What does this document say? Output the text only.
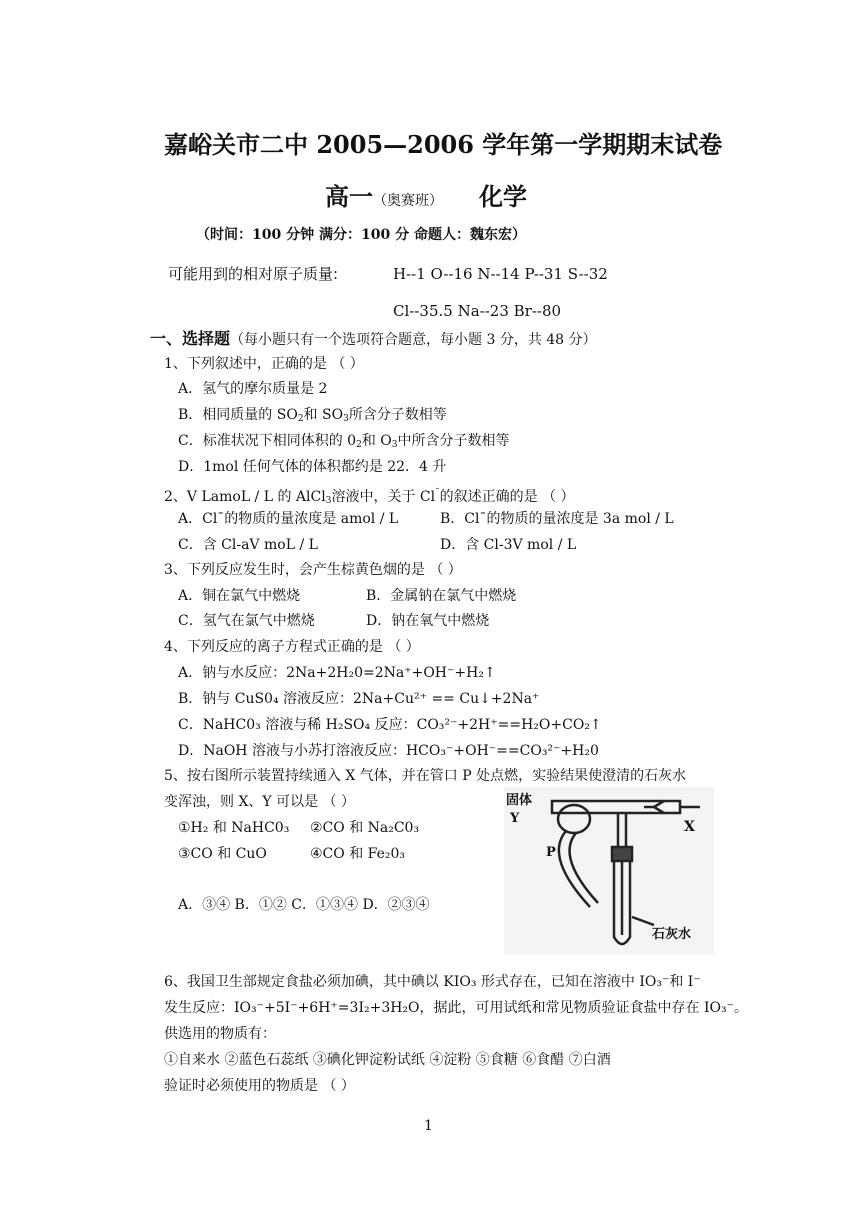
嘉峪关市二中 2005—2006 学年第一学期期末试卷
高一（奥赛班） 化学
（时间：100 分钟 满分：100 分 命题人：魏东宏）
可能用到的相对原子质量:	H--1 O--16 N--14 P--31 S--32
Cl--35.5 Na--23 Br--80
一、选择题（每小题只有一个选项符合题意，每小题 3 分，共 48 分）
1、下列叙述中，正确的是 （ ）
A．氢气的摩尔质量是 2
B．相同质量的 $SO_2$和 $SO_3$所含分子数相等
C．标准状况下相同体积的 $0_2$和 $O_3$中所含分子数相等
D．1mol 任何气体的体积都约是 22．4 升
2、V LamoL / L 的 AlCl$_3$溶液中，关于 Cl¯的叙述正确的是 （ ）
A．Cl¯的物质的量浓度是 amol / L	B．Cl¯的物质的量浓度是 3a mol / L
C．含 Cl-aV moL / L	D．含 Cl-3V mol / L
3、下列反应发生时，会产生棕黄色烟的是 （ ）
A．铜在氯气中燃烧	B．金属钠在氯气中燃烧
C．氢气在氯气中燃烧	D．钠在氧气中燃烧
4、下列反应的离子方程式正确的是 （ ）
A．钠与水反应：2Na+2H₂0=2Na⁺+OH⁻+H₂↑
B．钠与 CuS0₄ 溶液反应：2Na+Cu²⁺ == Cu↓+2Na⁺
C．NaHC0₃ 溶液与稀 H₂SO₄ 反应：CO₃²⁻+2H⁺==H₂O+CO₂↑
D．NaOH 溶液与小苏打溶液反应：HCO₃⁻+OH⁻==CO₃²⁻+H₂0
5、按右图所示装置持续通入 X 气体，并在管口 P 处点燃，实验结果使澄清的石灰水
变浑浊，则 X、Y 可以是 （ ）
①H₂ 和 NaHC0₃ ②CO 和 Na₂C0₃
③CO 和 CuO	④CO 和 Fe₂0₃
A．③④ B．①② C．①③④ D．②③④
固体
Y
X
P
石灰水
6、我国卫生部规定食盐必须加碘，其中碘以 KIO₃ 形式存在，已知在溶液中 IO₃⁻和 I⁻
发生反应：IO₃⁻+5I⁻+6H⁺=3I₂+3H₂O，据此，可用试纸和常见物质验证食盐中存在 IO₃⁻。
供选用的物质有：
①自来水 ②蓝色石蕊纸 ③碘化钾淀粉试纸 ④淀粉 ⑤食糖 ⑥食醋 ⑦白酒
验证时必须使用的物质是 （ ）
1
